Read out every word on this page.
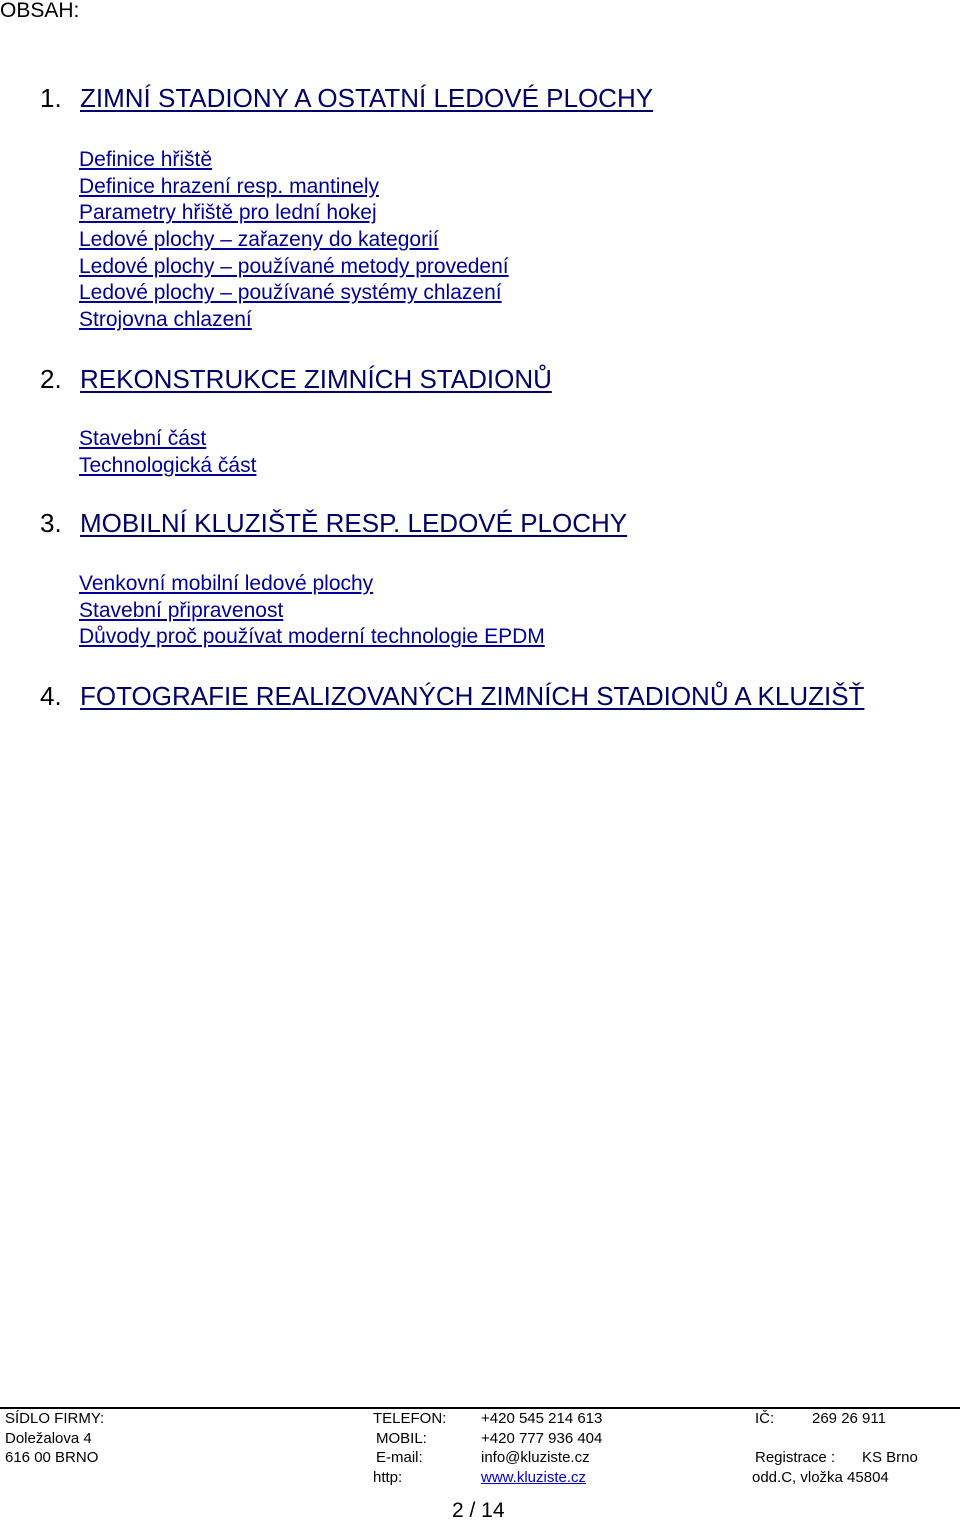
OBSAH:
1. ZIMNÍ STADIONY A OSTATNÍ LEDOVÉ PLOCHY
Definice hřiště
Definice hrazení resp. mantinely
Parametry hřiště pro lední hokej
Ledové plochy – zařazeny do kategorií
Ledové plochy – používané metody provedení
Ledové plochy – používané systémy chlazení
Strojovna chlazení
2. REKONSTRUKCE ZIMNÍCH STADIONŮ
Stavební část
Technologická část
3. MOBILNÍ KLUZIŠTĚ RESP. LEDOVÉ PLOCHY
Venkovní mobilní ledové plochy
Stavební připravenost
Důvody proč používat moderní technologie EPDM
4. FOTOGRAFIE REALIZOVANÝCH ZIMNÍCH STADIONŮ A KLUZIŠŤ
SÍDLO FIRMY:	TELEFON: +420 545 214 613	IČ:	269 26 911
Doležalova 4	MOBIL:	+420 777 936 404
616 00 BRNO	E-mail:	info@kluziste.cz	Registrace : KS Brno
http:	www.kluziste.cz	odd.C, vložka 45804
2 / 14
